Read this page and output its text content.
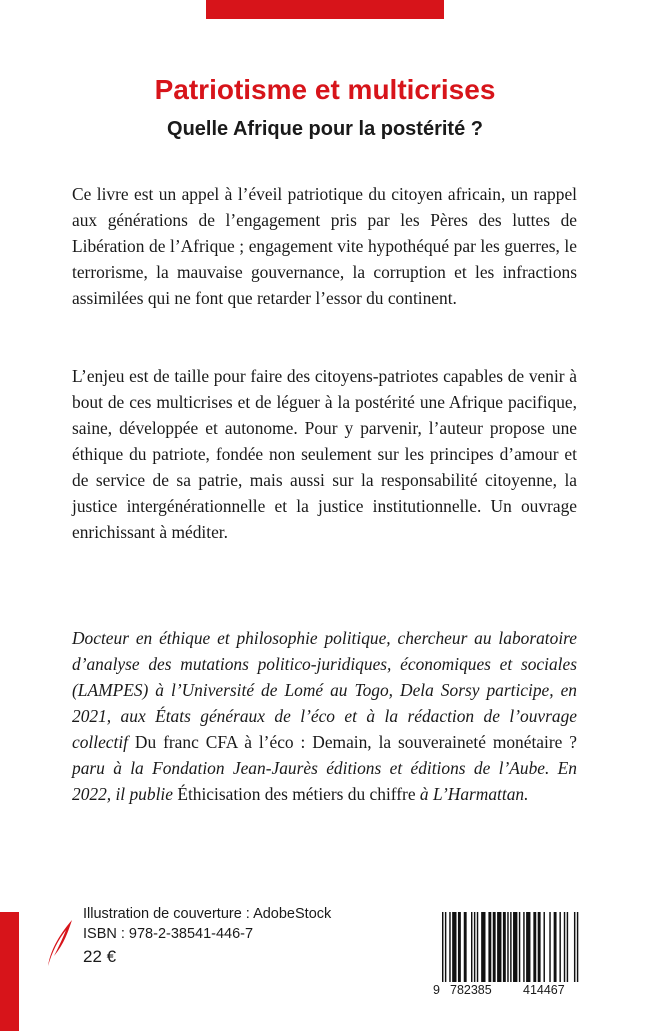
Patriotisme et multicrises
Quelle Afrique pour la postérité ?

Ce livre est un appel à l’éveil patriotique du citoyen africain, un rappel aux générations de l’engagement pris par les Pères des luttes de Libération de l’Afrique ; engagement vite hypothéqué par les guerres, le terrorisme, la mauvaise gouvernance, la corruption et les infractions assimilées qui ne font que retarder l’essor du continent.

L’enjeu est de taille pour faire des citoyens-patriotes capables de venir à bout de ces multicrises et de léguer à la postérité une Afrique pacifique, saine, développée et autonome. Pour y parvenir, l’auteur propose une éthique du patriote, fondée non seulement sur les principes d’amour et de service de sa patrie, mais aussi sur la responsabilité citoyenne, la justice intergénérationnelle et la justice institutionnelle. Un ouvrage enrichissant à méditer.

Docteur en éthique et philosophie politique, chercheur au laboratoire d’analyse des mutations politico-juridiques, économiques et sociales (LAMPES) à l’Université de Lomé au Togo, Dela Sorsy participe, en 2021, aux États généraux de l’éco et à la rédaction de l’ouvrage collectif Du franc CFA à l’éco : Demain, la souveraineté monétaire ? paru à la Fondation Jean-Jaurès éditions et éditions de l’Aube. En 2022, il publie Éthicisation des métiers du chiffre à L’Harmattan.

Illustration de couverture : AdobeStock
ISBN : 978-2-38541-446-7
22 €
9 782385	414467
